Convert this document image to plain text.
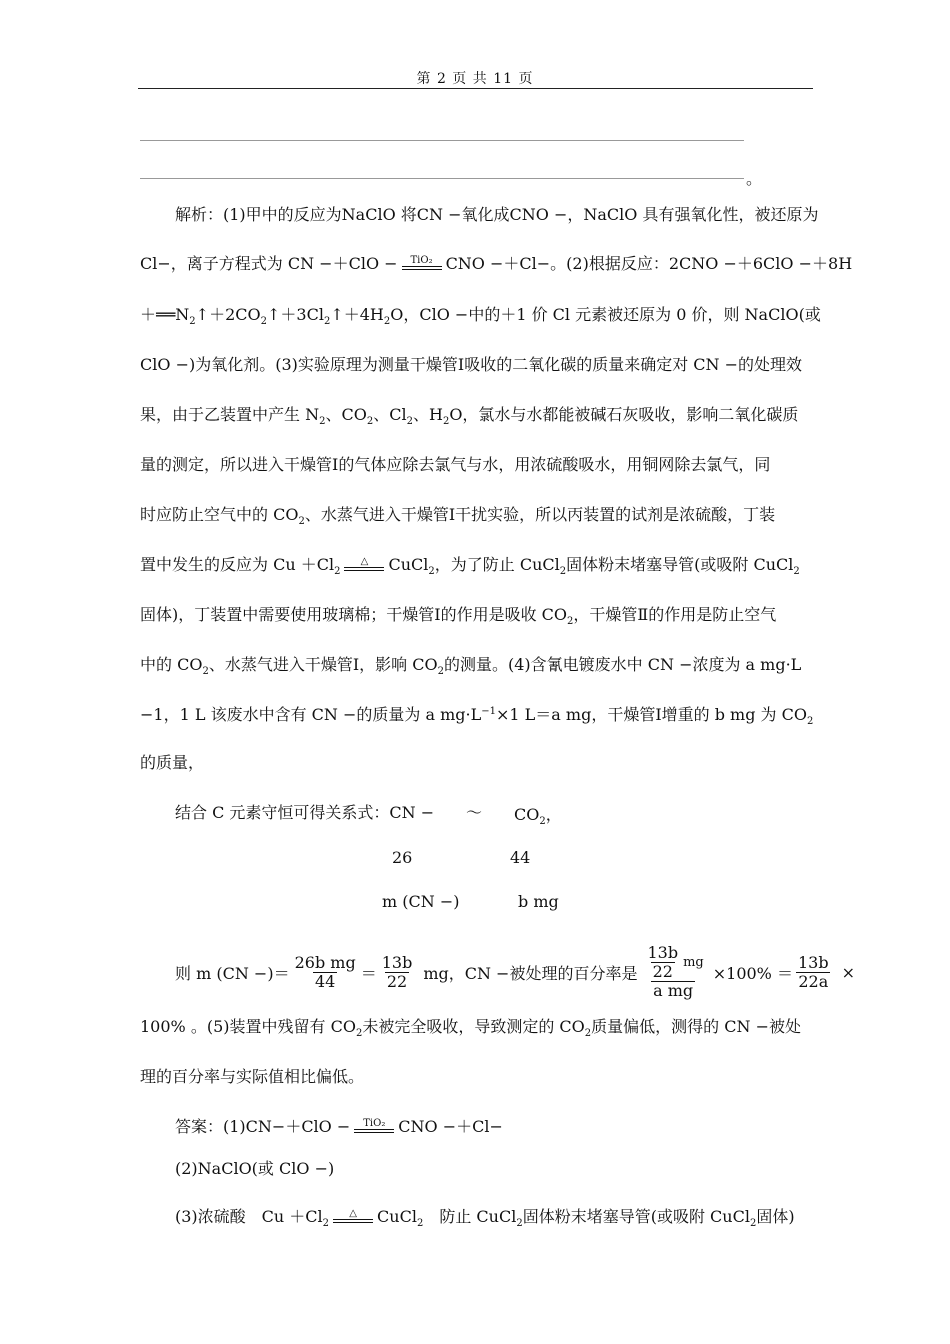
第 2 页 共 11 页
。
解析：(1)甲中的反应为NaClO 将CN −氧化成CNO −，NaClO 具有强氧化性，被还原为
Cl−，离子方程式为 CN −＋ClO −	TiO₂ CNO −＋Cl−。(2)根据反应：2CNO −＋6ClO −＋8H
$+══N_2↑+2CO_2↑+3Cl_2↑+4H_2O$，ClO −中的＋1 价 Cl 元素被还原为 0 价，则 NaClO(或
ClO −)为氧化剂。(3)实验原理为测量干燥管Ⅰ吸收的二氧化碳的质量来确定对 CN −的处理效
果，由于乙装置中产生 $N_2$、$CO_2$、$Cl_2$、$H_2O$，氯水与水都能被碱石灰吸收，影响二氧化碳质
量的测定，所以进入干燥管Ⅰ的气体应除去氯气与水，用浓硫酸吸水，用铜网除去氯气，同
时应防止空气中的 $CO_2$、水蒸气进入干燥管Ⅰ干扰实验，所以丙装置的试剂是浓硫酸，丁装
置中发生的反应为 $Cu +Cl_2$
△	CuCl$_2$，为了防止 CuCl$_2$固体粉末堵塞导管(或吸附 CuCl$_2$
固体)，丁装置中需要使用玻璃棉；干燥管Ⅰ的作用是吸收 $CO_2$，干燥管Ⅱ的作用是防止空气
中的 $CO_2$、水蒸气进入干燥管Ⅰ，影响 $CO_2$的测量。(4)含氰电镀废水中 CN −浓度为 a mg·L
−1，1 L 该废水中含有 CN −的质量为 a $mg\cdot L^{-1}\times 1$ L＝a mg，干燥管Ⅰ增重的 b mg 为 $CO_2$
的质量，
结合 C 元素守恒可得关系式：CN − ～ $CO_2$，
26	44
m (CN −)	b mg
则 m (CN −)＝ $\frac{\text{26b mg}}{44} = \frac{13b}{22}$ mg，CN −被处理的百分率是 $\frac{\frac{13b}{22} mg}{\text{a mg}} \times 100\% = \frac{13b}{22a}$ ×
100% 。(5)装置中残留有 $CO_2$未被完全吸收，导致测定的 $CO_2$质量偏低，测得的 CN −被处
理的百分率与实际值相比偏低。
答案：(1)CN−＋ClO −	TiO₂ CNO −＋Cl−
(2)NaClO(或 ClO −)
(3)浓硫酸　$Cu +Cl_2$
△	CuCl$_2$　 防止 CuCl$_2$固体粉末堵塞导管(或吸附 CuCl$_2$固体)
